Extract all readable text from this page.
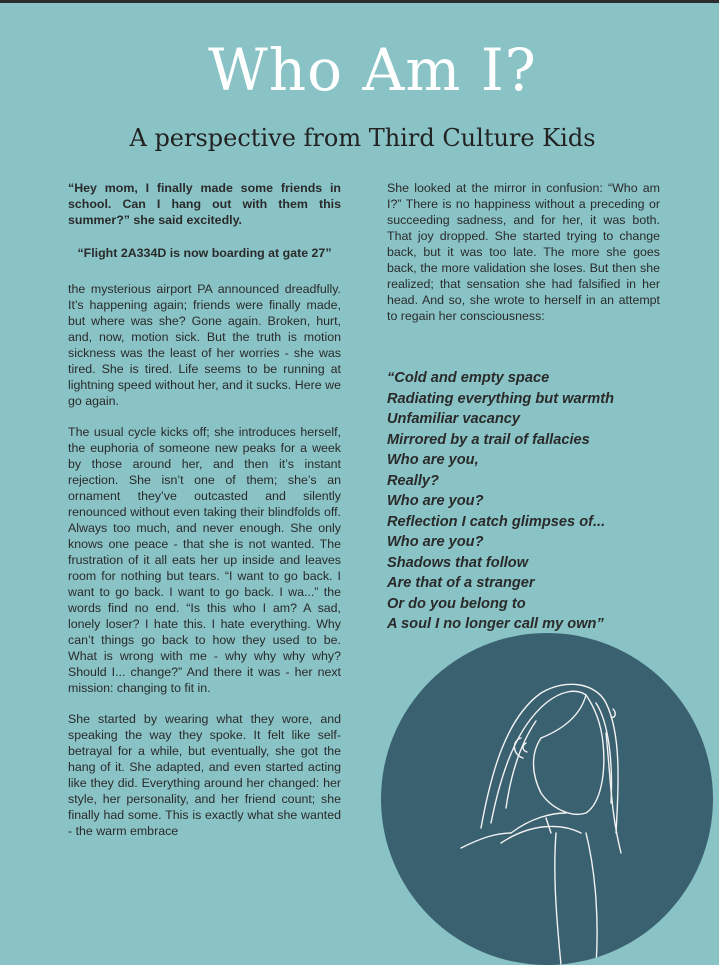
Who Am I?
A perspective from Third Culture Kids

“Hey mom, I finally made some friends in school. Can I hang out with them this summer?” she said excitedly.

“Flight 2A334D is now boarding at gate 27”

the mysterious airport PA announced dreadfully. It’s happening again; friends were finally made, but where was she? Gone again. Broken, hurt, and, now, motion sick. But the truth is motion sickness was the least of her worries - she was tired. She is tired. Life seems to be running at lightning speed without her, and it sucks. Here we go again.

The usual cycle kicks off; she introduces herself, the euphoria of someone new peaks for a week by those around her, and then it’s instant rejection. She isn’t one of them; she’s an ornament they’ve outcasted and silently renounced without even taking their blindfolds off. Always too much, and never enough. She only knows one peace - that she is not wanted. The frustration of it all eats her up inside and leaves room for nothing but tears. “I want to go back. I want to go back. I want to go back. I wa...” the words find no end. “Is this who I am? A sad, lonely loser? I hate this. I hate everything. Why can’t things go back to how they used to be. What is wrong with me - why why why why? Should I... change?” And there it was - her next mission: changing to fit in.

She started by wearing what they wore, and speaking the way they spoke. It felt like self-betrayal for a while, but eventually, she got the hang of it. She adapted, and even started acting like they did. Everything around her changed: her style, her personality, and her friend count; she finally had some. This is exactly what she wanted - the warm embrace

She looked at the mirror in confusion: “Who am I?” There is no happiness without a preceding or succeeding sadness, and for her, it was both. That joy dropped. She started trying to change back, but it was too late. The more she goes back, the more validation she loses. But then she realized; that sensation she had falsified in her head. And so, she wrote to herself in an attempt to regain her consciousness:

“Cold and empty space
Radiating everything but warmth
Unfamiliar vacancy
Mirrored by a trail of fallacies
Who are you,
Really?
Who are you?
Reflection I catch glimpses of...
Who are you?
Shadows that follow
Are that of a stranger
Or do you belong to
A soul I no longer call my own”
